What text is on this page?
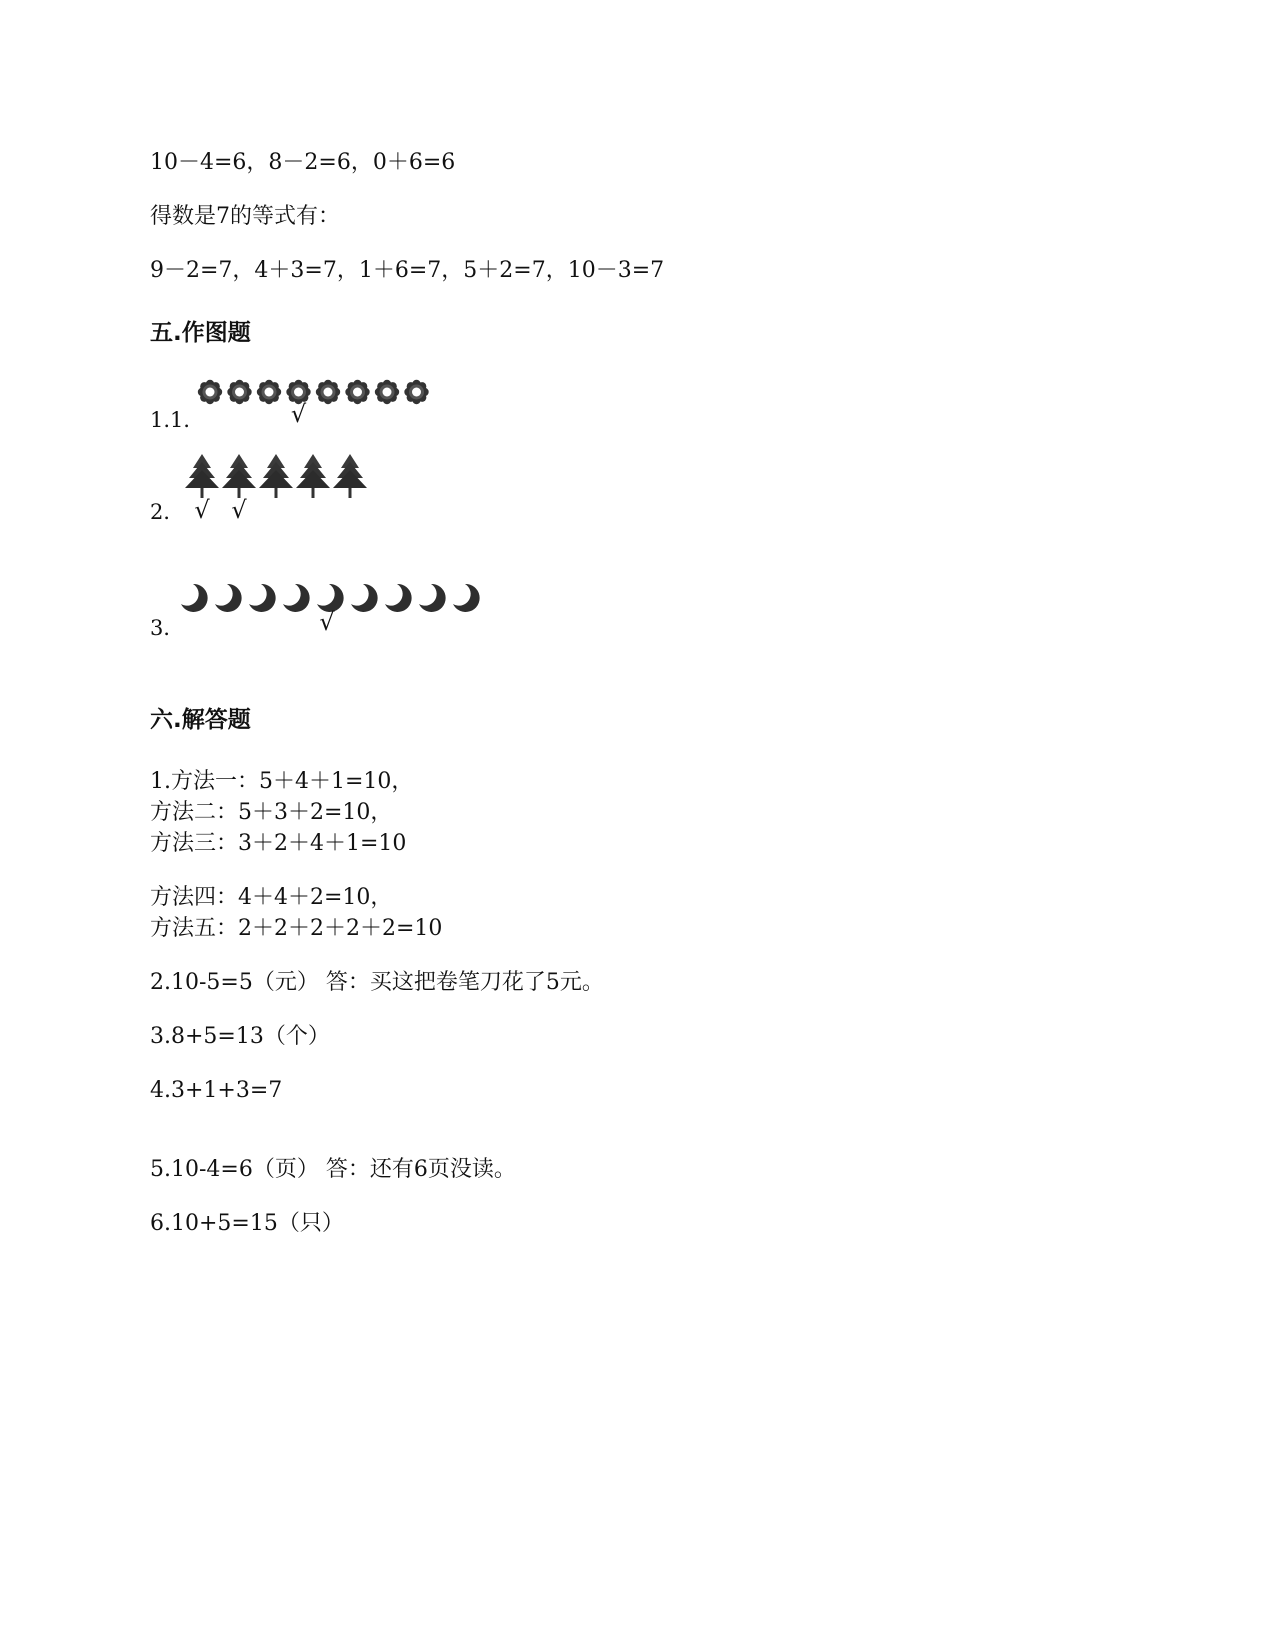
10－4=6，8－2=6，0＋6=6
得数是7的等式有：
9－2=7，4＋3=7，1＋6=7，5＋2=7，10－3=7
五.作图题
1.1．	√
2． √ √
3．	√
六.解答题
1.方法一：5＋4＋1=10，
方法二：5＋3＋2=10，
方法三：3＋2＋4＋1=10
方法四：4＋4＋2=10，
方法五：2＋2＋2＋2＋2=10
2.10-5=5（元） 答：买这把卷笔刀花了5元。
3.8+5=13（个）
4.3+1+3=7
5.10-4=6（页） 答：还有6页没读。
6.10+5=15（只）
